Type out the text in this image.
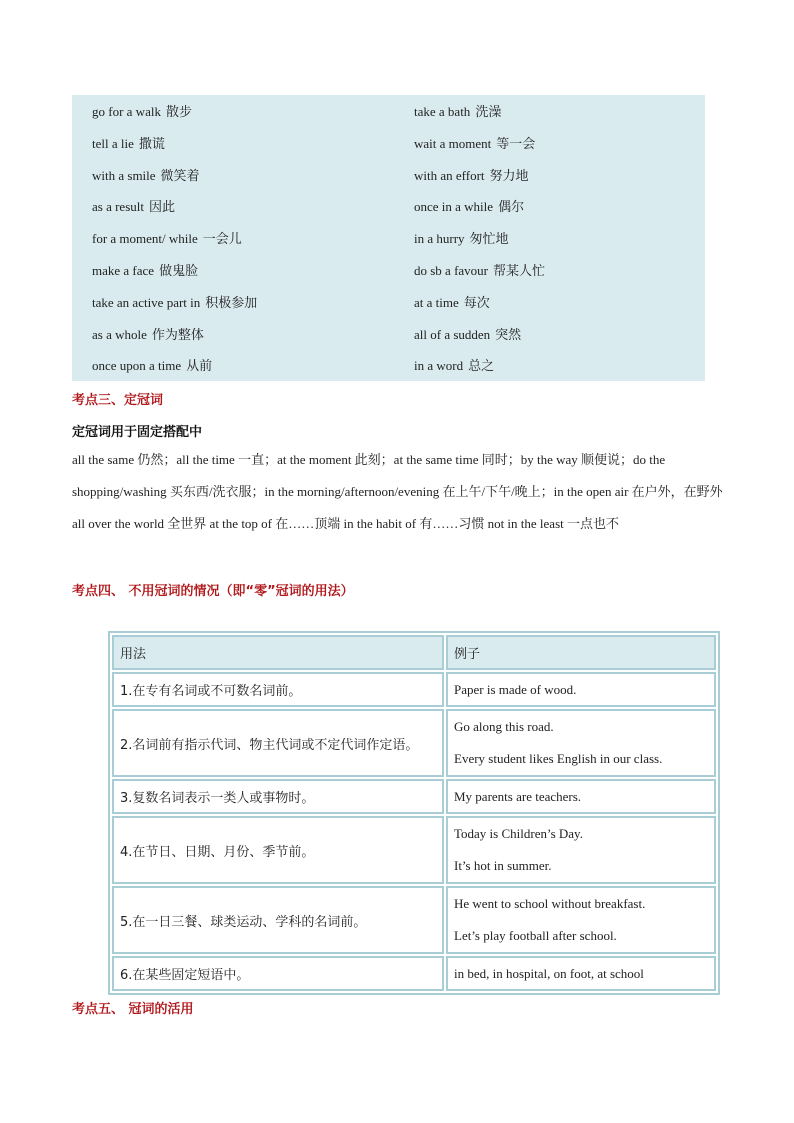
go for a walk 散步	take a bath 洗澡
tell a lie 撒谎	wait a moment 等一会
with a smile 微笑着	with an effort 努力地
as a result 因此	once in a while 偶尔
for a moment/ while 一会儿	in a hurry 匆忙地
make a face 做鬼脸	do sb a favour 帮某人忙
take an active part in 积极参加	at a time 每次
as a whole 作为整体	all of a sudden 突然
once upon a time 从前	in a word 总之
考点三、定冠词
定冠词用于固定搭配中
all the same 仍然；all the time 一直；at the moment 此刻；at the same time 同时；by the way 顺便说；do the shopping/washing 买东西/洗衣服；in the morning/afternoon/evening 在上午/下午/晚上；in the open air 在户外，在野外 all over the world 全世界 at the top of 在……顶端 in the habit of 有……习惯 not in the least 一点也不
考点四、 不用冠词的情况（即“零”冠词的用法）
用法	例子
1.在专有名词或不可数名词前。	Paper is made of wood.

2.名词前有指示代词、物主代词或不定代词作定语。	Go along this road.
Every student likes English in our class.

3.复数名词表示一类人或事物时。	My parents are teachers.

4.在节日、日期、月份、季节前。	Today is Children’s Day.
It’s hot in summer.

5.在一日三餐、球类运动、学科的名词前。	He went to school without breakfast.
Let’s play football after school.

6.在某些固定短语中。	in bed, in hospital, on foot, at school
考点五、 冠词的活用
